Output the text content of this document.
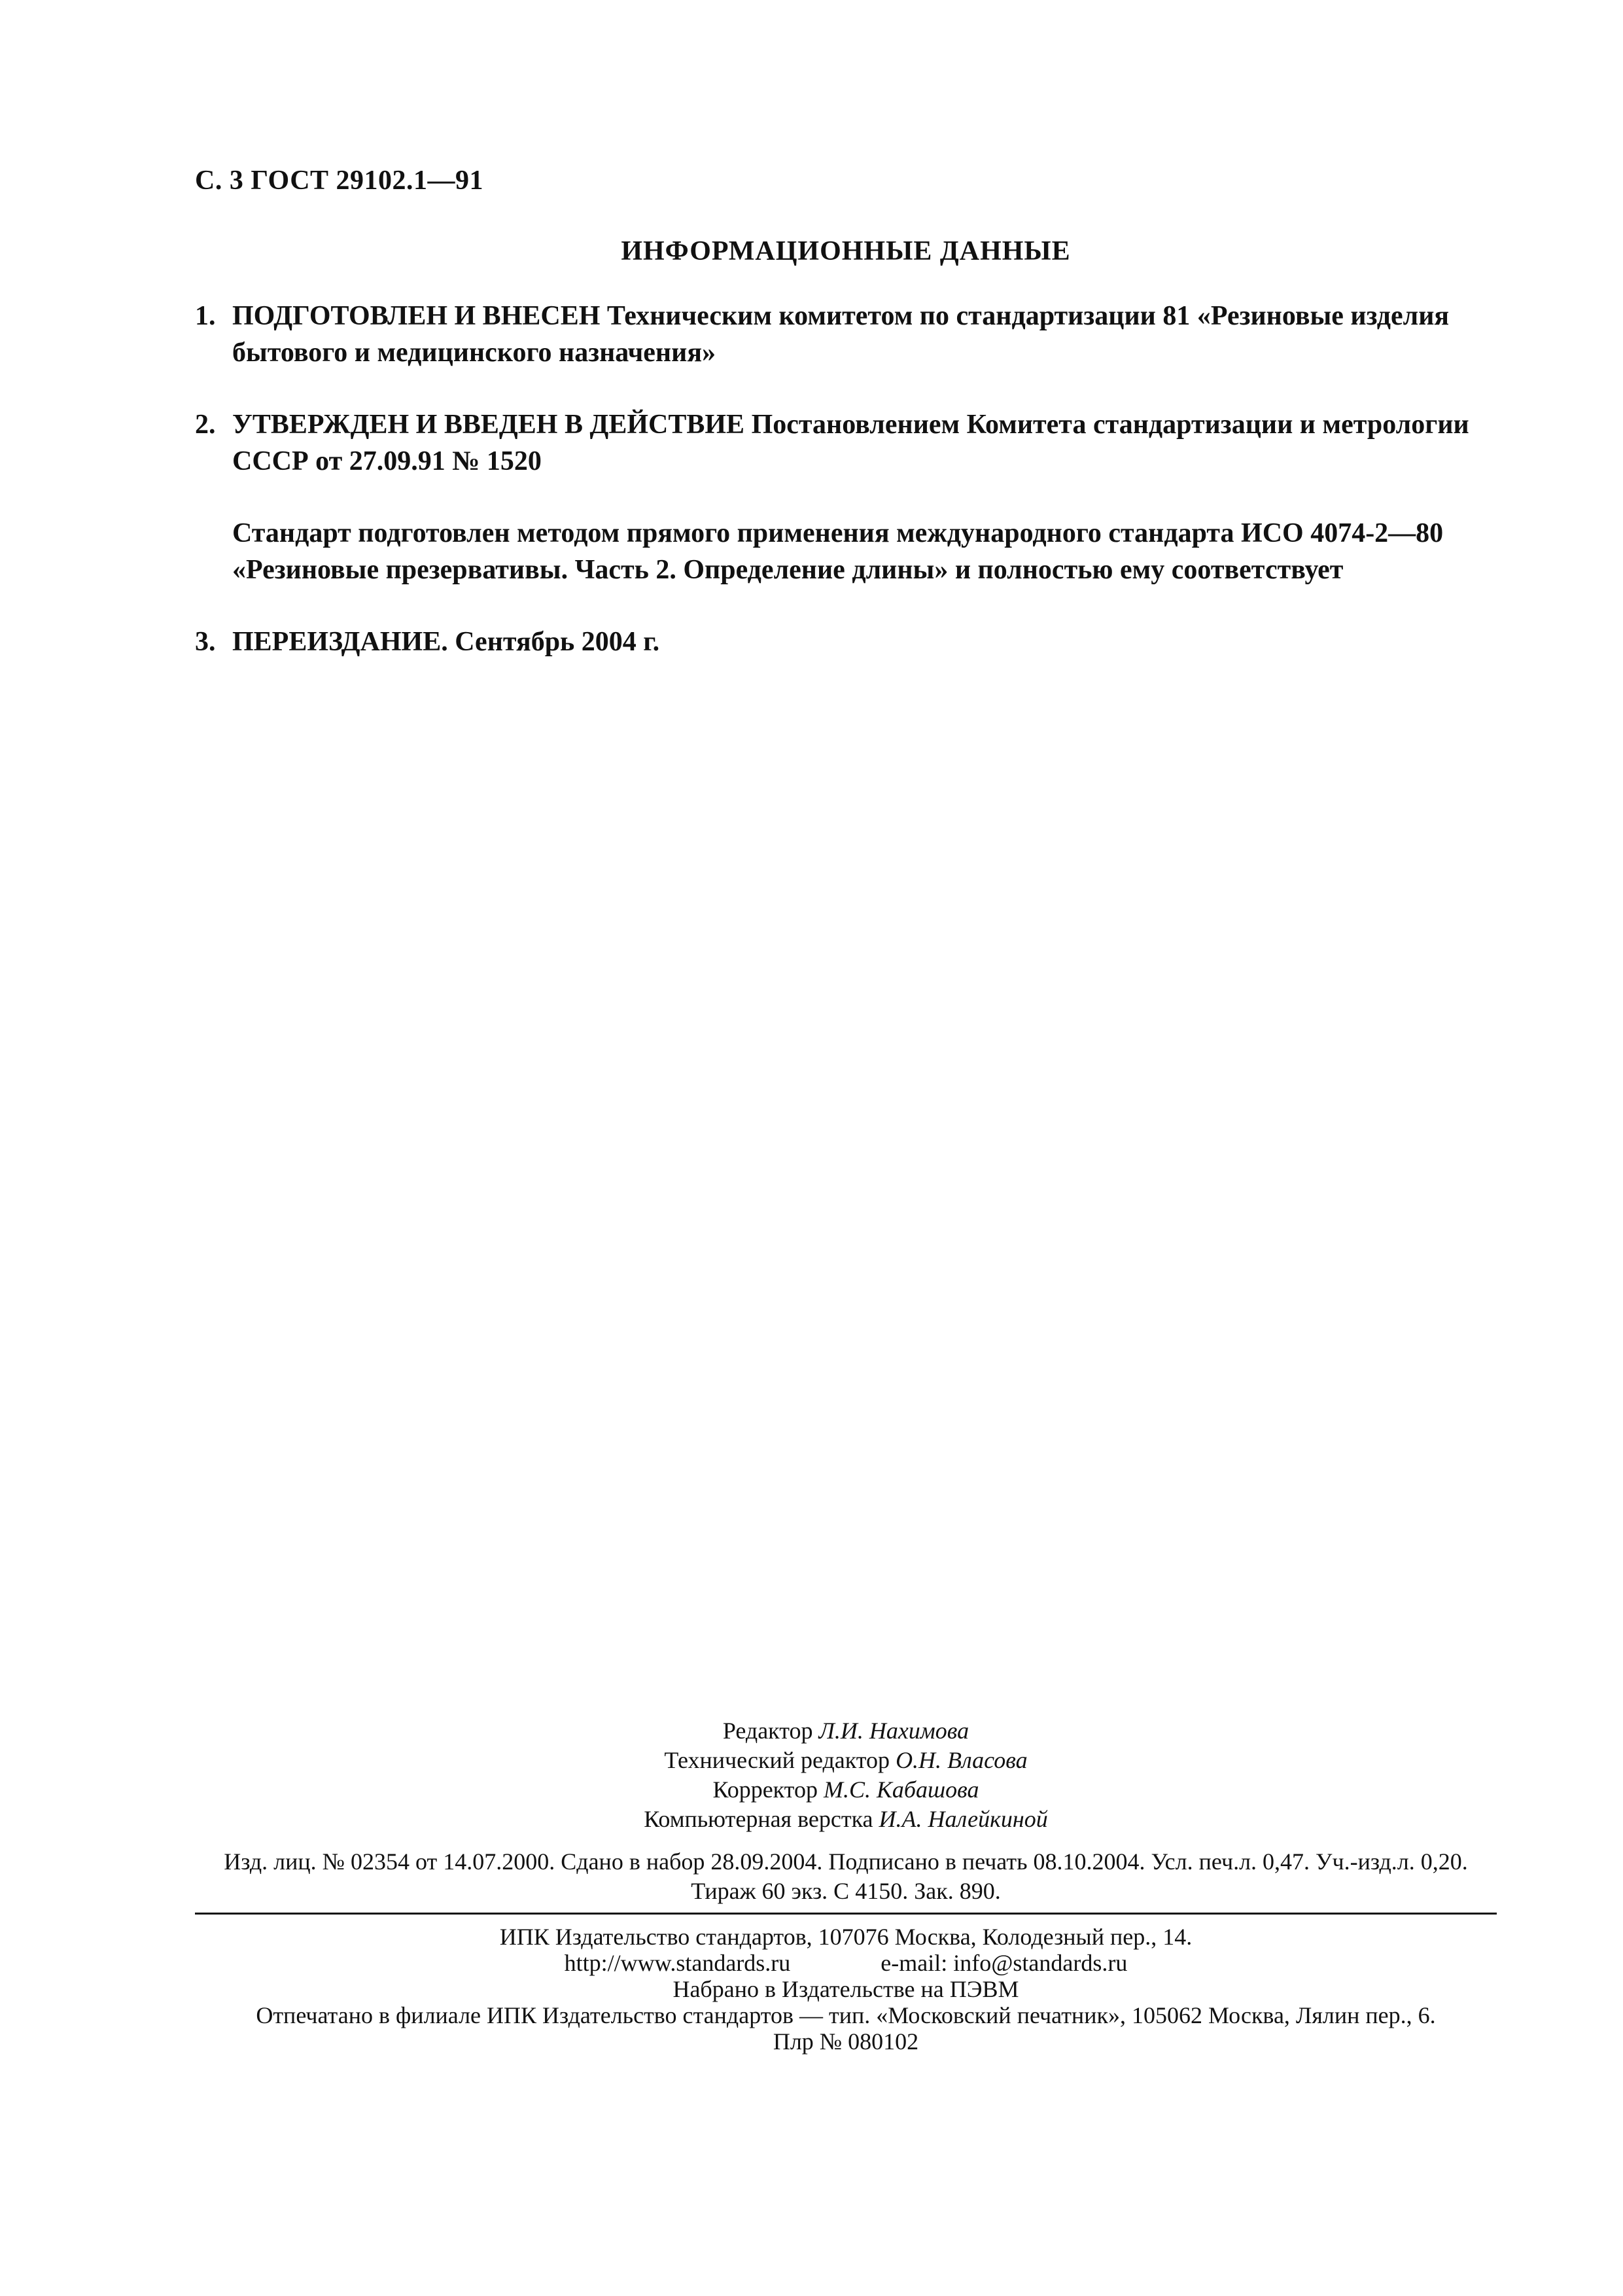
С. 3 ГОСТ 29102.1—91
ИНФОРМАЦИОННЫЕ ДАННЫЕ
1. ПОДГОТОВЛЕН И ВНЕСЕН Техническим комитетом по стандартизации 81 «Резиновые изделия бытового и медицинского назначения»
2. УТВЕРЖДЕН И ВВЕДЕН В ДЕЙСТВИЕ Постановлением Комитета стандартизации и метрологии СССР от 27.09.91 № 1520
Стандарт подготовлен методом прямого применения международного стандарта ИСО 4074-2—80 «Резиновые презервативы. Часть 2. Определение длины» и полностью ему соответствует
3. ПЕРЕИЗДАНИЕ. Сентябрь 2004 г.
Редактор Л.И. Нахимова
Технический редактор О.Н. Власова
Корректор М.С. Кабашова
Компьютерная верстка И.А. Налейкиной
Изд. лиц. № 02354 от 14.07.2000. Сдано в набор 28.09.2004. Подписано в печать 08.10.2004. Усл. печ.л. 0,47. Уч.-изд.л. 0,20.
Тираж 60 экз. С 4150. Зак. 890.
ИПК Издательство стандартов, 107076 Москва, Колодезный пер., 14.
http://www.standards.ru	e-mail: info@standards.ru
Набрано в Издательстве на ПЭВМ
Отпечатано в филиале ИПК Издательство стандартов — тип. «Московский печатник», 105062 Москва, Лялин пер., 6.
Плр № 080102
